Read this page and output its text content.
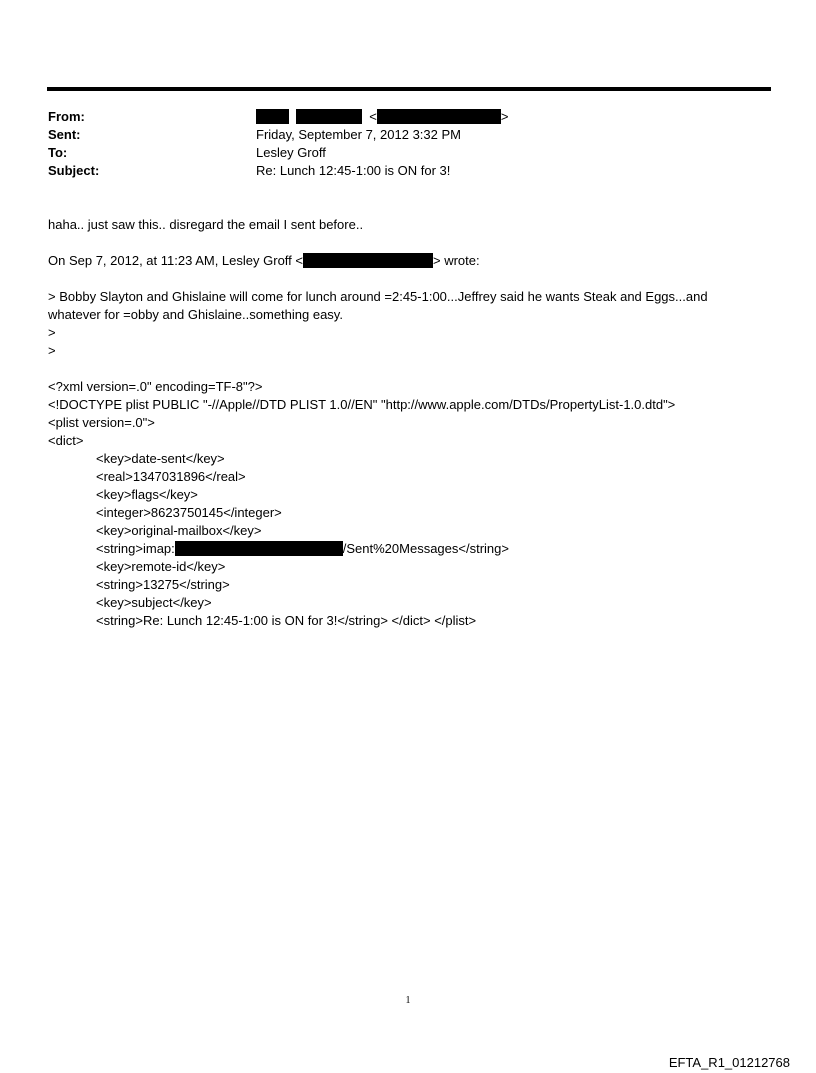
From:	<	>
Sent:	Friday, September 7, 2012 3:32 PM
To:	Lesley Groff
Subject:	Re: Lunch 12:45-1:00 is ON for 3!
haha.. just saw this.. disregard the email I sent before..
On Sep 7, 2012, at 11:23 AM, Lesley Groff <	> wrote:
> Bobby Slayton and Ghislaine will come for lunch around =2:45-1:00...Jeffrey said he wants Steak and Eggs...and
whatever for =obby and Ghislaine..something easy.
>
>
<?xml version=.0" encoding=TF-8"?>
<!DOCTYPE plist PUBLIC "-//Apple//DTD PLIST 1.0//EN" "http://www.apple.com/DTDs/PropertyList-1.0.dtd">
<plist version=.0">
<dict>
<key>date-sent</key>
<real>1347031896</real>
<key>flags</key>
<integer>8623750145</integer>
<key>original-mailbox</key>
<string>imap:	/Sent%20Messages</string>
<key>remote-id</key>
<string>13275</string>
<key>subject</key>
<string>Re: Lunch 12:45-1:00 is ON for 3!</string> </dict> </plist>
1
EFTA_R1_01212768
